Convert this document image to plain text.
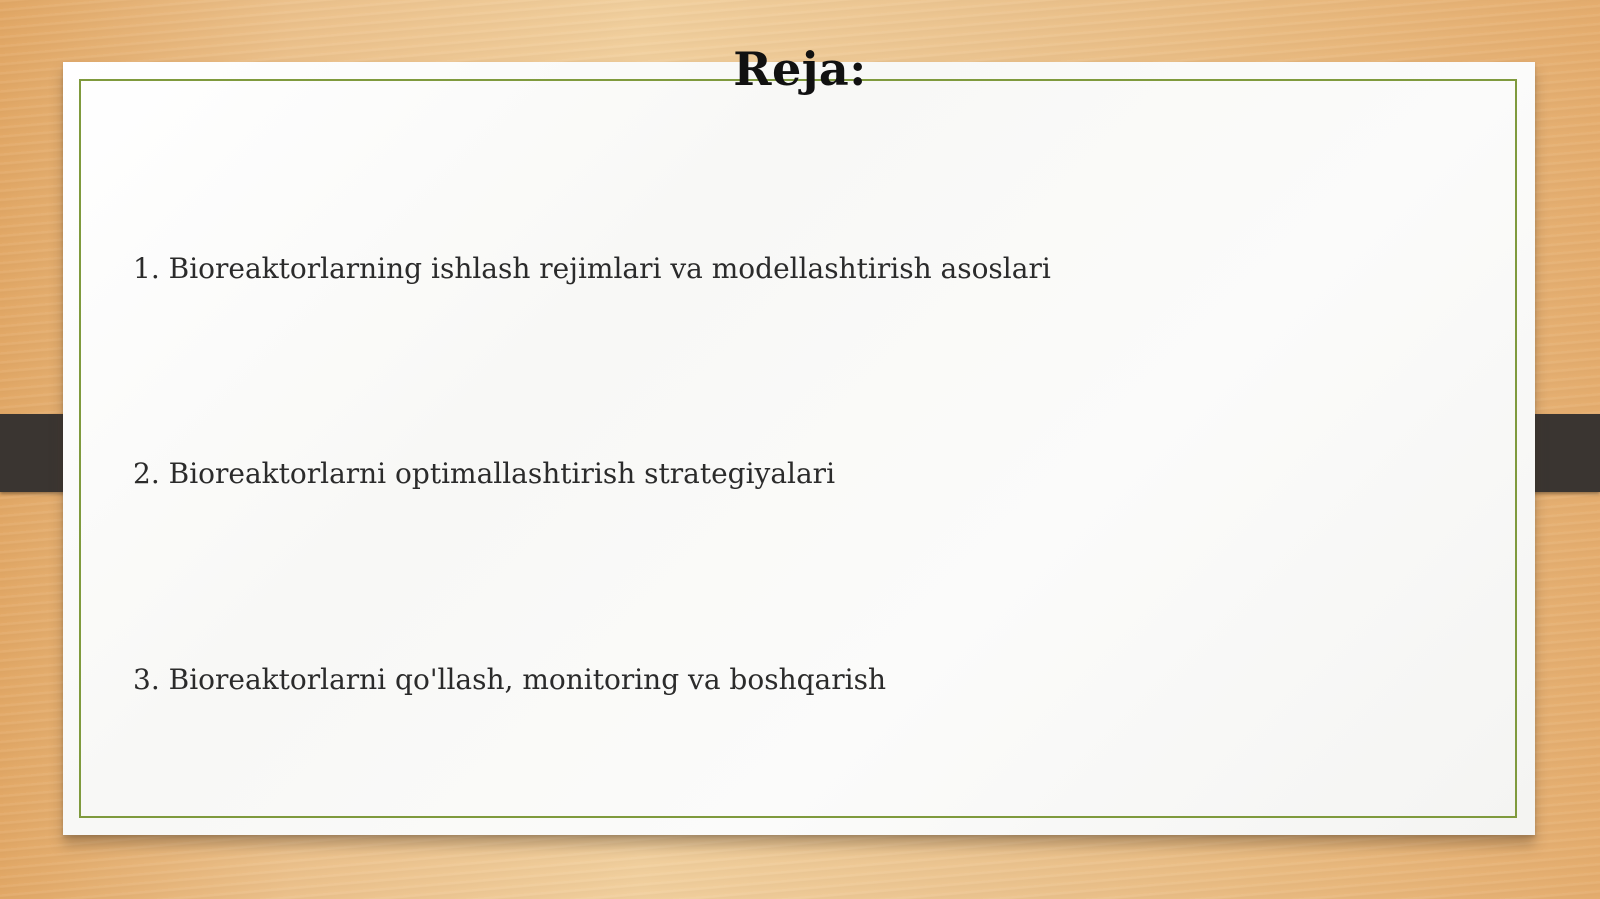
Reja:
1. Bioreaktorlarning ishlash rejimlari va modellashtirish asoslari
2. Bioreaktorlarni optimallashtirish strategiyalari
3. Bioreaktorlarni qo'llash, monitoring va boshqarish
